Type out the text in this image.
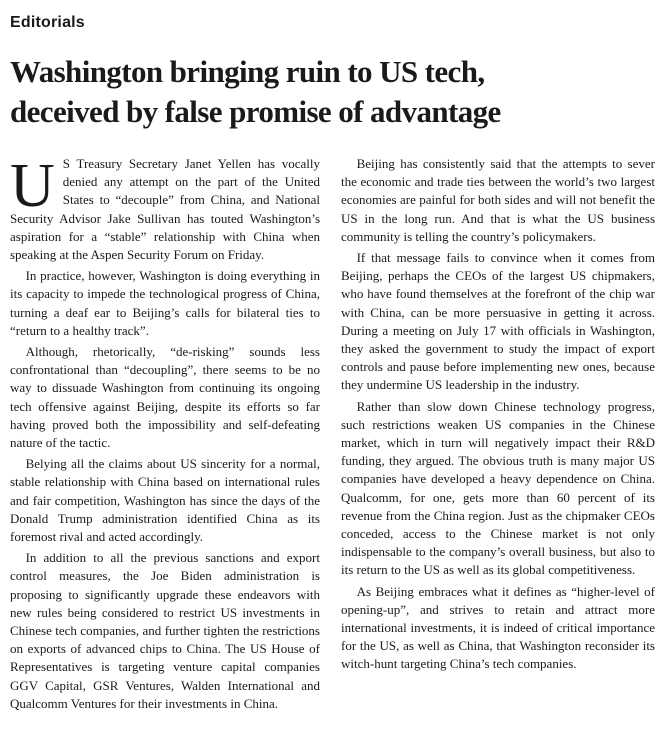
Editorials
Washington bringing ruin to US tech,
deceived by false promise of advantage

U S Treasury Secretary Janet Yellen has vocally denied any attempt on the part of the United States to “decouple” from China, and National Security Advisor Jake Sullivan has touted Washington’s aspiration for a “stable” relationship with China when speaking at the Aspen Security Forum on Friday.

In practice, however, Washington is doing everything in its capacity to impede the technological progress of China, turning a deaf ear to Beijing’s calls for bilateral ties to “return to a healthy track”.

Although, rhetorically, “de-risking” sounds less confrontational than “decoupling”, there seems to be no way to dissuade Washington from continuing its ongoing tech offensive against Beijing, despite its efforts so far having proved both the impossibility and self-defeating nature of the tactic.

Belying all the claims about US sincerity for a normal, stable relationship with China based on international rules and fair competition, Washington has since the days of the Donald Trump administration identified China as its foremost rival and acted accordingly.

In addition to all the previous sanctions and export control measures, the Joe Biden administration is proposing to significantly upgrade these endeavors with new rules being considered to restrict US investments in Chinese tech companies, and further tighten the restrictions on exports of advanced chips to China. The US House of Representatives is targeting venture capital companies GGV Capital, GSR Ventures, Walden International and Qualcomm Ventures for their investments in China.

Beijing has consistently said that the attempts to sever the economic and trade ties between the world’s two largest economies are painful for both sides and will not benefit the US in the long run. And that is what the US business community is telling the country’s policymakers.

If that message fails to convince when it comes from Beijing, perhaps the CEOs of the largest US chipmakers, who have found themselves at the forefront of the chip war with China, can be more persuasive in getting it across. During a meeting on July 17 with officials in Washington, they asked the government to study the impact of export controls and pause before implementing new ones, because they undermine US leadership in the industry.

Rather than slow down Chinese technology progress, such restrictions weaken US companies in the Chinese market, which in turn will negatively impact their R&D funding, they argued. The obvious truth is many major US companies have developed a heavy dependence on China. Qualcomm, for one, gets more than 60 percent of its revenue from the China region. Just as the chipmaker CEOs conceded, access to the Chinese market is not only indispensable to the company’s overall business, but also to its return to the US as well as its global competitiveness.

As Beijing embraces what it defines as “higher-level of opening-up”, and strives to retain and attract more international investments, it is indeed of critical importance for the US, as well as China, that Washington reconsider its witch-hunt targeting China’s tech companies.
